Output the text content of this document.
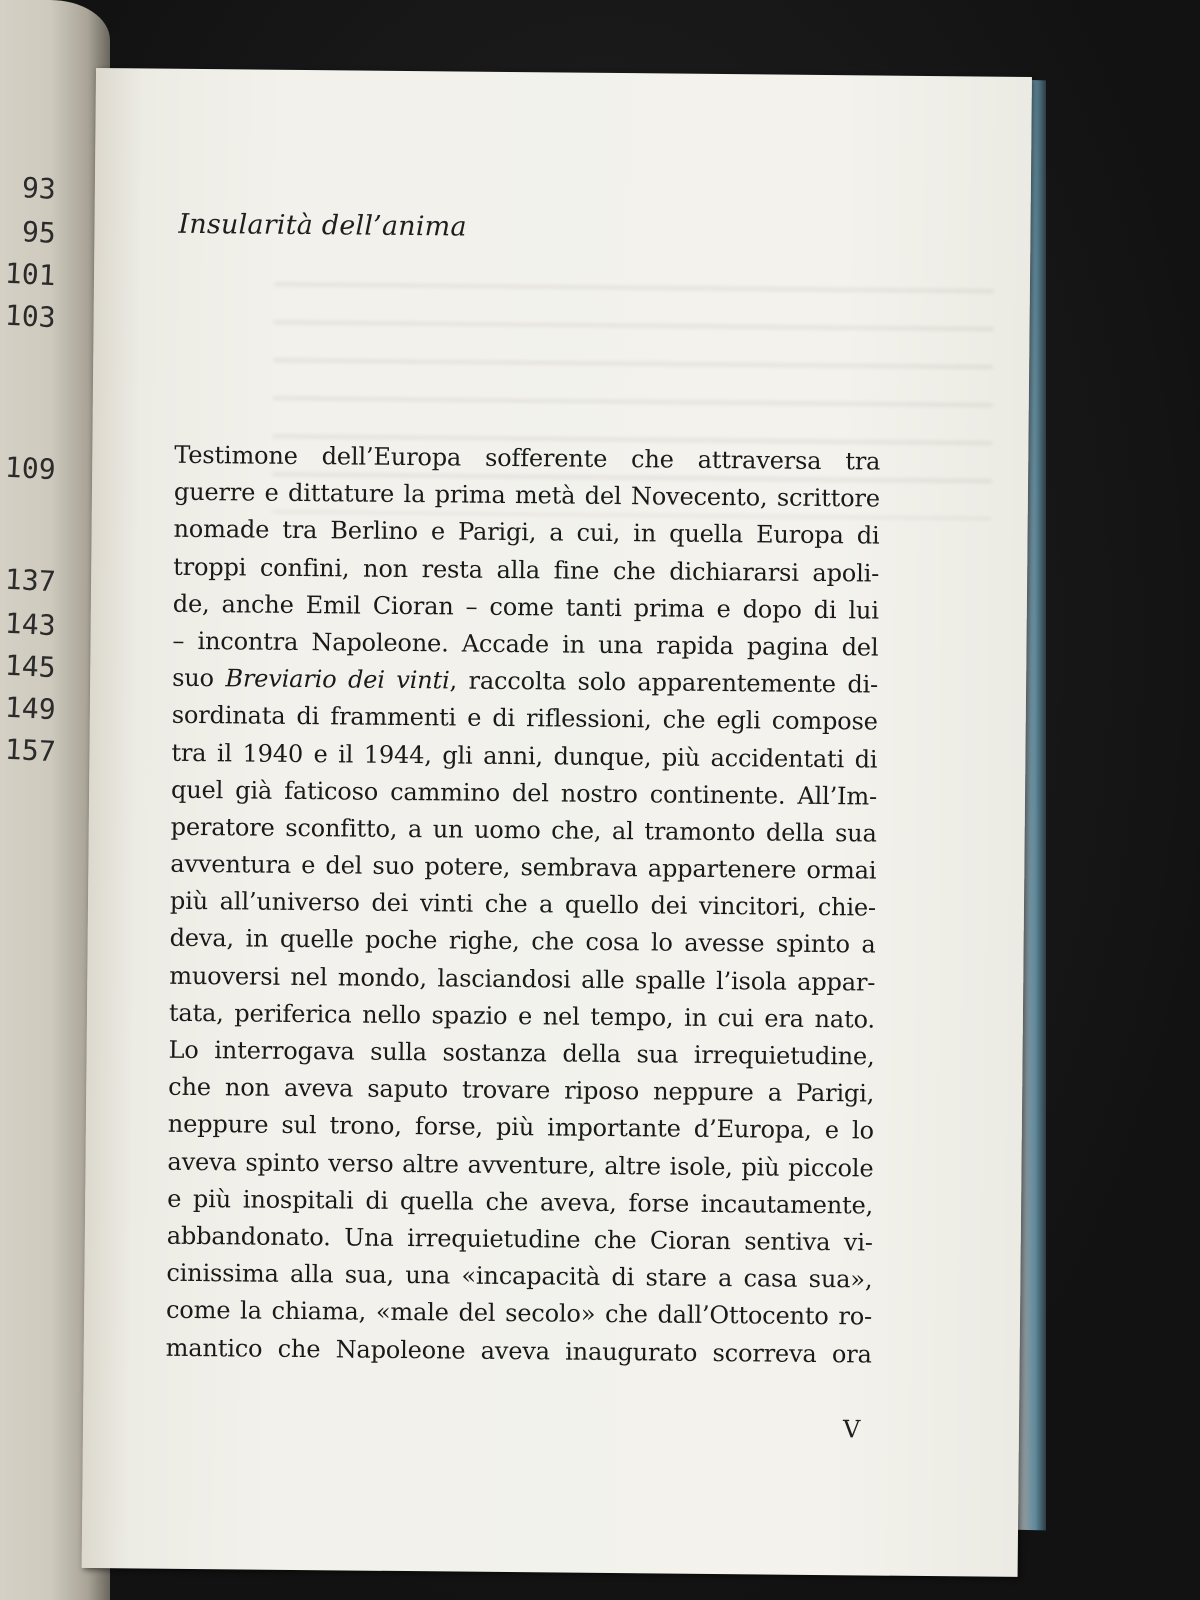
93
95
101
103
109
137
143
145
149
157
​
Insularità dell’anima
Testimone dell’Europa sofferente che attraversa tra
guerre e dittature la prima metà del Novecento, scrittore
nomade tra Berlino e Parigi, a cui, in quella Europa di
troppi confini, non resta alla fine che dichiararsi apoli-
de, anche Emil Cioran – come tanti prima e dopo di lui
– incontra Napoleone. Accade in una rapida pagina del
suo Breviario dei vinti, raccolta solo apparentemente di-
sordinata di frammenti e di riflessioni, che egli compose
tra il 1940 e il 1944, gli anni, dunque, più accidentati di
quel già faticoso cammino del nostro continente. All’Im-
peratore sconfitto, a un uomo che, al tramonto della sua
avventura e del suo potere, sembrava appartenere ormai
più all’universo dei vinti che a quello dei vincitori, chie-
deva, in quelle poche righe, che cosa lo avesse spinto a
muoversi nel mondo, lasciandosi alle spalle l’isola appar-
tata, periferica nello spazio e nel tempo, in cui era nato.
Lo interrogava sulla sostanza della sua irrequietudine,
che non aveva saputo trovare riposo neppure a Parigi,
neppure sul trono, forse, più importante d’Europa, e lo
aveva spinto verso altre avventure, altre isole, più piccole
e più inospitali di quella che aveva, forse incautamente,
abbandonato. Una irrequietudine che Cioran sentiva vi-
cinissima alla sua, una «incapacità di stare a casa sua»,
come la chiama, «male del secolo» che dall’Ottocento ro-
mantico che Napoleone aveva inaugurato scorreva ora
V
